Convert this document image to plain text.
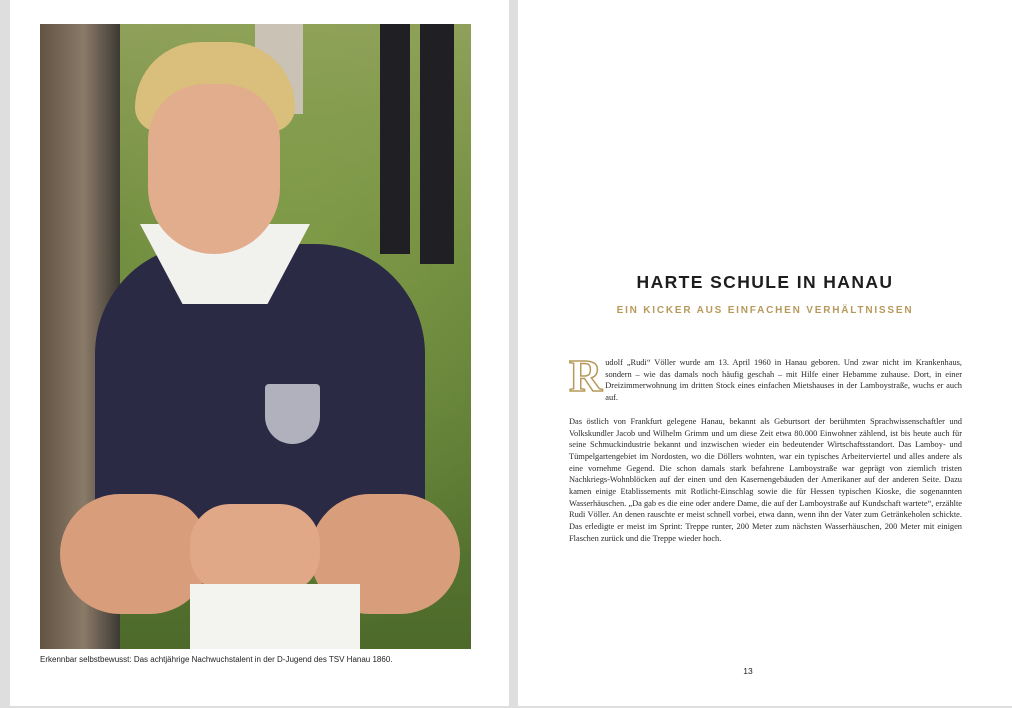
Erkennbar selbstbewusst: Das achtjährige Nachwuchstalent in der D-Jugend des TSV Hanau 1860.
HARTE SCHULE IN HANAU
EIN KICKER AUS EINFACHEN VERHÄLTNISSEN

Rudolf „Rudi“ Völler wurde am 13. April 1960 in Hanau geboren. Und zwar nicht im Krankenhaus, sondern – wie das damals noch häufig geschah – mit Hilfe einer Hebamme zuhause. Dort, in einer Dreizimmerwohnung im dritten Stock eines einfachen Mietshauses in der Lamboystraße, wuchs er auch auf.

Das östlich von Frankfurt gelegene Hanau, bekannt als Geburtsort der berühmten Sprachwissenschaftler und Volkskundler Jacob und Wilhelm Grimm und um diese Zeit etwa 80.000 Einwohner zählend, ist bis heute auch für seine Schmuckindustrie bekannt und inzwischen wieder ein bedeutender Wirtschaftsstandort. Das Lamboy- und Tümpelgartengebiet im Nordosten, wo die Döllers wohnten, war ein typisches Arbeiterviertel und alles andere als eine vornehme Gegend. Die schon damals stark befahrene Lamboystraße war geprägt von ziemlich tristen Nachkriegs-Wohnblöcken auf der einen und den Kasernengebäuden der Amerikaner auf der anderen Seite. Dazu kamen einige Etablissements mit Rotlicht-Einschlag sowie die für Hessen typischen Kioske, die sogenannten Wasserhäuschen. „Da gab es die eine oder andere Dame, die auf der Lamboystraße auf Kundschaft wartete“, erzählte Rudi Völler. An denen rauschte er meist schnell vorbei, etwa dann, wenn ihn der Vater zum Getränkeholen schickte. Das erledigte er meist im Sprint: Treppe runter, 200 Meter zum nächsten Wasserhäuschen, 200 Meter mit einigen Flaschen zurück und die Treppe wieder hoch.

13
